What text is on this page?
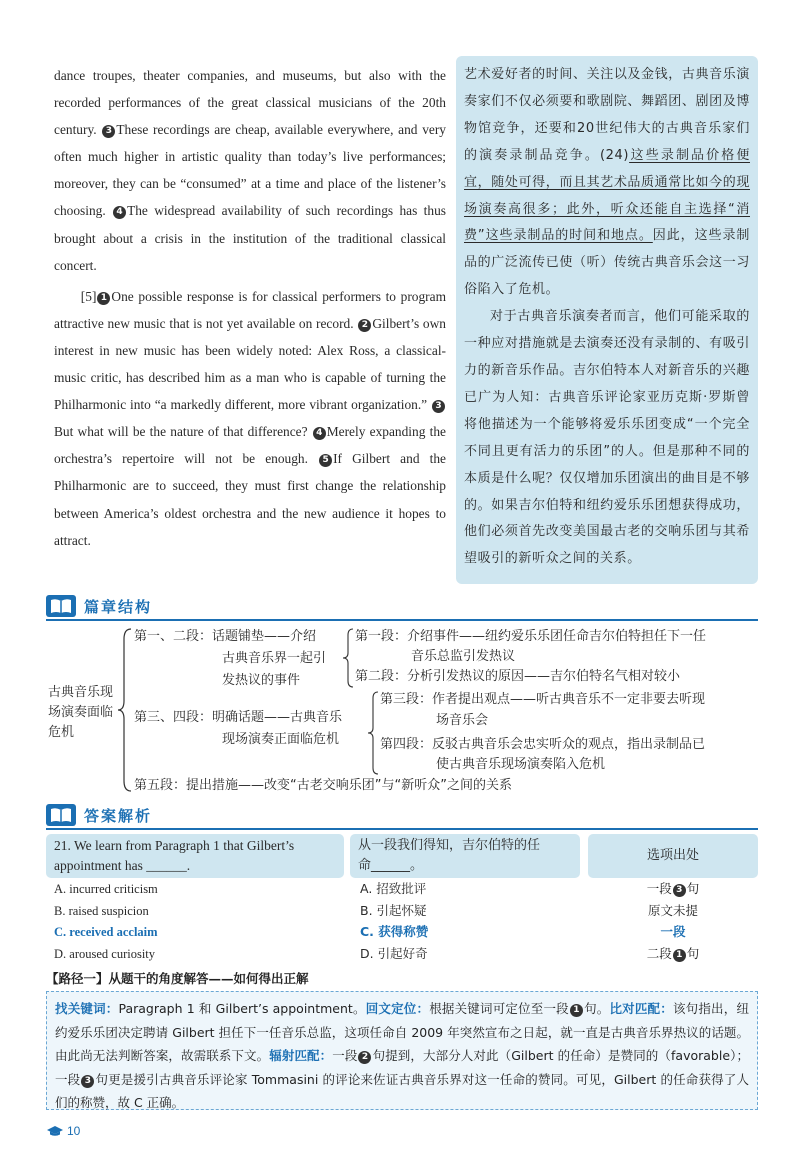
dance troupes, theater companies, and museums, but also with the recorded performances of the great classical musicians of the 20th century. 3 These recordings are cheap, available everywhere, and very often much higher in artistic quality than today’s live performances; moreover, they can be “consumed” at a time and place of the listener’s choosing. 4 The widespread availability of such recordings has thus brought about a crisis in the institution of the traditional classical concert.

[5] 1 One possible response is for classical performers to program attractive new music that is not yet available on record. 2 Gilbert’s own interest in new music has been widely noted: Alex Ross, a classical-music critic, has described him as a man who is capable of turning the Philharmonic into “a markedly different, more vibrant organization.” 3But what will be the nature of that difference? 4 Merely expanding the orchestra’s repertoire will not be enough. 5 If Gilbert and the Philharmonic are to succeed, they must first change the relationship between America’s oldest orchestra and the new audience it hopes to attract.

艺术爱好者的时间、关注以及金钱，古典音乐演奏家们不仅必须要和歌剧院、舞蹈团、剧团及博物馆竞争，还要和20世纪伟大的古典音乐家们的演奏录制品竞争。(24)这些录制品价格便宜，随处可得，而且其艺术品质通常比如今的现场演奏高很多；此外，听众还能自主选择“消费”这些录制品的时间和地点。因此，这些录制品的广泛流传已使（听）传统古典音乐会这一习俗陷入了危机。

对于古典音乐演奏者而言，他们可能采取的一种应对措施就是去演奏还没有录制的、有吸引力的新音乐作品。吉尔伯特本人对新音乐的兴趣已广为人知：古典音乐评论家亚历克斯·罗斯曾将他描述为一个能够将爱乐乐团变成“一个完全不同且更有活力的乐团”的人。但是那种不同的本质是什么呢？仅仅增加乐团演出的曲目是不够的。如果吉尔伯特和纽约爱乐乐团想获得成功，他们必须首先改变美国最古老的交响乐团与其希望吸引的新听众之间的关系。

篇章结构
古典音乐现
场演奏面临
危机
第一、二段：话题铺垫——介绍
古典音乐界一起引
发热议的事件
第一段：介绍事件——纽约爱乐乐团任命吉尔伯特担任下一任
音乐总监引发热议
第二段：分析引发热议的原因——吉尔伯特名气相对较小
第三、四段：明确话题——古典音乐
现场演奏正面临危机
第三段：作者提出观点——听古典音乐不一定非要去听现
场音乐会
第四段：反驳古典音乐会忠实听众的观点，指出录制品已
使古典音乐现场演奏陷入危机
第五段：提出措施——改变“古老交响乐团”与“新听众”之间的关系
答案解析
21. We learn from Paragraph 1 that Gilbert’s
appointment has ______.
从一段我们得知，吉尔伯特的任
命______。
选项出处
A. incurred criticism
B. raised suspicion
C. received acclaim
D. aroused curiosity
A. 招致批评
B. 引起怀疑
C. 获得称赞
D. 引起好奇
一段 3 句
原文未提
一段
二段 1 句
【路径一】从题干的角度解答——如何得出正解
找关键词：Paragraph 1 和 Gilbert’s appointment。回文定位：根据关键词可定位至一段 1 句。比对匹配：该句指出，纽约爱乐乐团决定聘请 Gilbert 担任下一任音乐总监，这项任命自 2009 年突然宣布之日起，就一直是古典音乐界热议的话题。由此尚无法判断答案，故需联系下文。辐射匹配：一段 2 句提到，大部分人对此（Gilbert 的任命）是赞同的（favorable）；一段 3 句更是援引古典音乐评论家 Tommasini 的评论来佐证古典音乐界对这一任命的赞同。可见，Gilbert 的任命获得了人们的称赞，故 C 正确。
10
